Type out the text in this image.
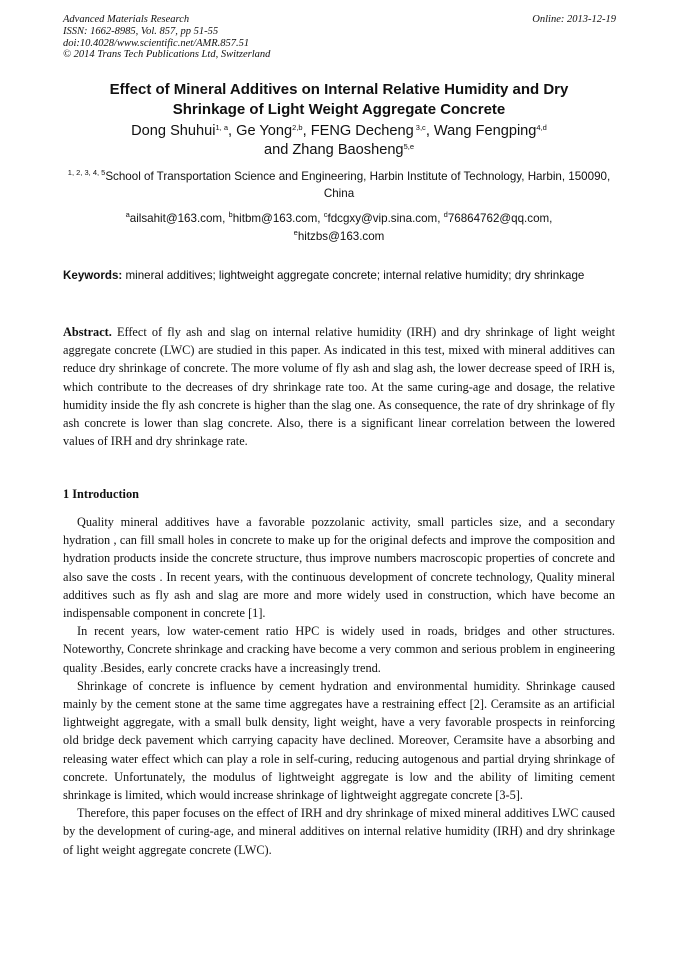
Advanced Materials Research
ISSN: 1662-8985, Vol. 857, pp 51-55
doi:10.4028/www.scientific.net/AMR.857.51
© 2014 Trans Tech Publications Ltd, Switzerland
Online: 2013-12-19
Effect of Mineral Additives on Internal Relative Humidity and Dry
Shrinkage of Light Weight Aggregate Concrete
Dong Shuhui$^{1, a}$, Ge Yong$^{2,b}$, FENG Decheng $^{3,c}$, Wang Fengping$^{4,d}$
and Zhang Baosheng$^{5,e}$
$^{1, 2, 3, 4, 5}$School of Transportation Science and Engineering, Harbin Institute of Technology, Harbin, 150090, China
$^a$ailsahit@163.com, $^b$hitbm@163.com, $^c$fdcgxy@vip.sina.com, $^d$76864762@qq.com,
$^e$hitzbs@163.com
Keywords: mineral additives; lightweight aggregate concrete; internal relative humidity; dry shrinkage
Abstract. Effect of fly ash and slag on internal relative humidity (IRH) and dry shrinkage of light weight aggregate concrete (LWC) are studied in this paper. As indicated in this test, mixed with mineral additives can reduce dry shrinkage of concrete. The more volume of fly ash and slag ash, the lower decrease speed of IRH is, which contribute to the decreases of dry shrinkage rate too. At the same curing-age and dosage, the relative humidity inside the fly ash concrete is higher than the slag one. As consequence, the rate of dry shrinkage of fly ash concrete is lower than slag concrete. Also, there is a significant linear correlation between the lowered values of IRH and dry shrinkage rate.
1 Introduction

Quality mineral additives have a favorable pozzolanic activity, small particles size, and a secondary hydration , can fill small holes in concrete to make up for the original defects and improve the composition and hydration products inside the concrete structure, thus improve numbers macroscopic properties of concrete and also save the costs . In recent years, with the continuous development of concrete technology, Quality mineral additives such as fly ash and slag are more and more widely used in construction, which have become an indispensable component in concrete [1].

In recent years, low water-cement ratio HPC is widely used in roads, bridges and other structures. Noteworthy, Concrete shrinkage and cracking have become a very common and serious problem in engineering quality .Besides, early concrete cracks have a increasingly trend.

Shrinkage of concrete is influence by cement hydration and environmental humidity. Shrinkage caused mainly by the cement stone at the same time aggregates have a restraining effect [2]. Ceramsite as an artificial lightweight aggregate, with a small bulk density, light weight, have a very favorable prospects in reinforcing old bridge deck pavement which carrying capacity have declined. Moreover, Ceramsite have a absorbing and releasing water effect which can play a role in self-curing, reducing autogenous and partial drying shrinkage of concrete. Unfortunately, the modulus of lightweight aggregate is low and the ability of limiting cement shrinkage is limited, which would increase shrinkage of lightweight aggregate concrete [3-5].

Therefore, this paper focuses on the effect of IRH and dry shrinkage of mixed mineral additives LWC caused by the development of curing-age, and mineral additives on internal relative humidity (IRH) and dry shrinkage of light weight aggregate concrete (LWC).
